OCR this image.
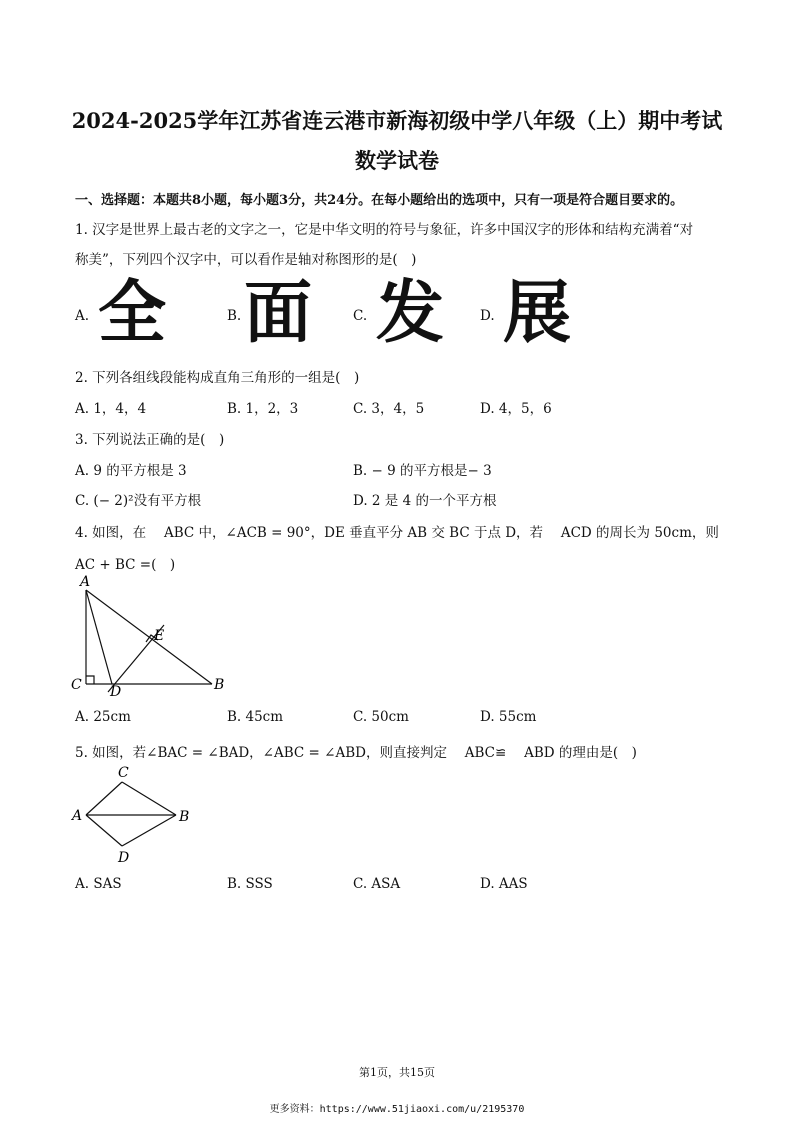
2024-2025学年江苏省连云港市新海初级中学八年级（上）期中考试
数学试卷
一、选择题：本题共8小题，每小题3分，共24分。在每小题给出的选项中，只有一项是符合题目要求的。
1. 汉字是世界上最古老的文字之一，它是中华文明的符号与象征，许多中国汉字的形体和结构充满着“对
称美”，下列四个汉字中，可以看作是轴对称图形的是(　)
A. 全	B. 面	C. 发	D. 展
2. 下列各组线段能构成直角三角形的一组是(　)
A. 1，4，4	B. 1，2，3	C. 3，4，5	D. 4，5，6
3. 下列说法正确的是(　)
A. 9 的平方根是 3	B. − 9 的平方根是− 3
C. (− 2)²没有平方根	D. 2 是 4 的一个平方根
4. 如图，在 　ABC 中，∠ACB = 90°，DE 垂直平分 AB 交 BC 于点 D，若 　ACD 的周长为 50cm，则
AC + BC =(　)
A
C D	B
E
A. 25cm	B. 45cm	C. 50cm	D. 55cm
5. 如图，若∠BAC = ∠BAD，∠ABC = ∠ABD，则直接判定 　ABC≌ 　ABD 的理由是(　)
C
A	B
D
A. SAS	B. SSS	C. ASA	D. AAS
第1页，共15页
更多资料：https://www.51jiaoxi.com/u/2195370
